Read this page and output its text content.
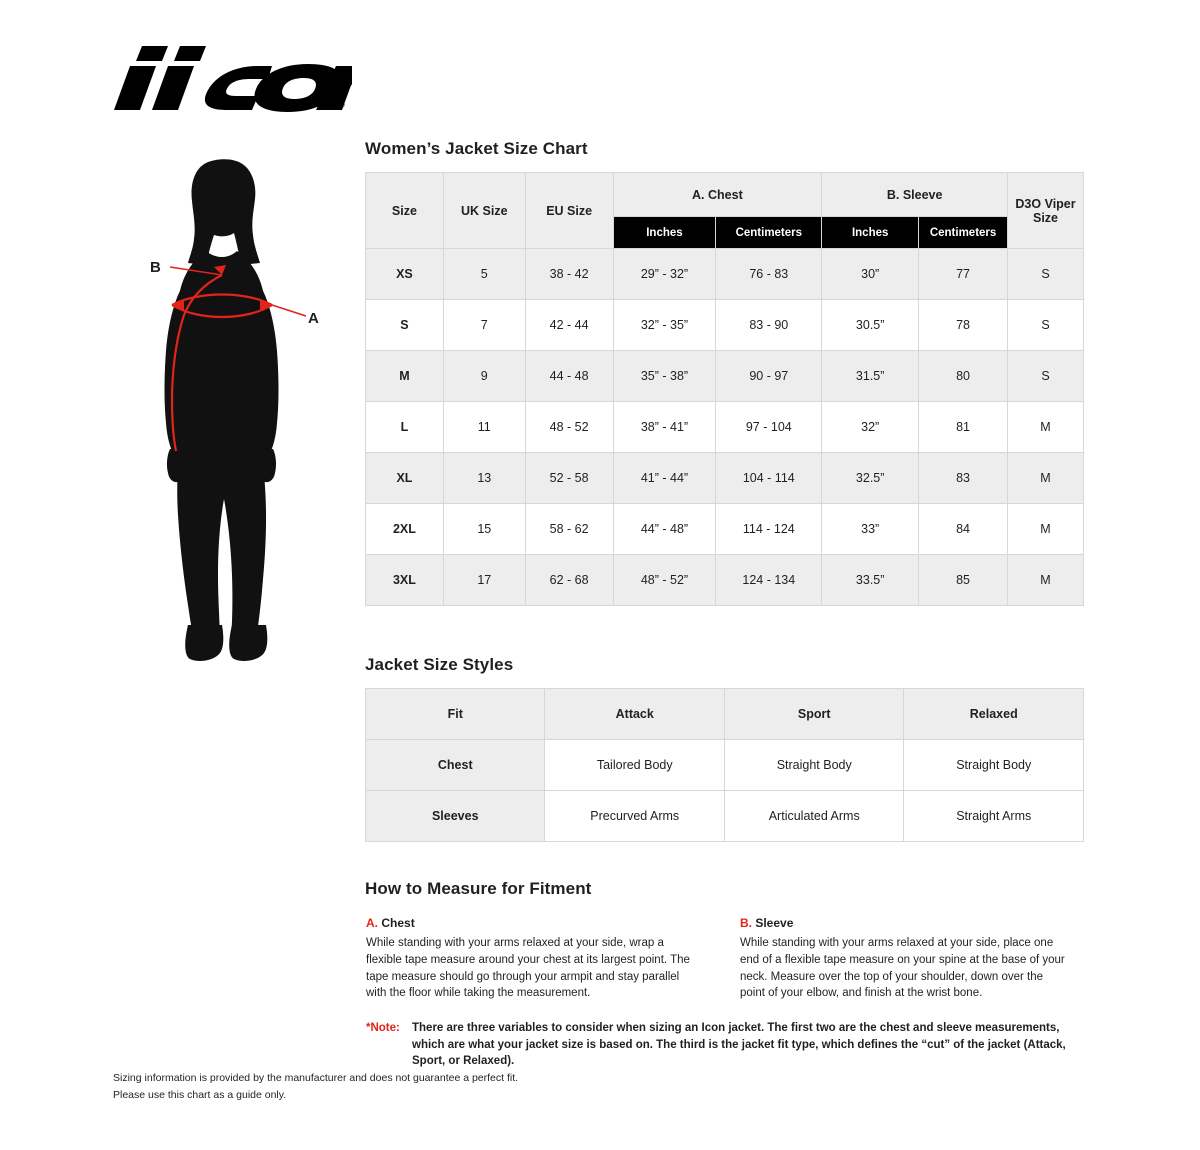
®
A
B
Women’s Jacket Size Chart
Jacket Size Styles
How to Measure for Fitment
Size	UK Size	EU Size	A. Chest		B. Sleeve		D3O Viper Size
			Inches	Centimeters	Inches	Centimeters	
XS	5	38 - 42	29” - 32”	76 - 83	30”	77	S
S	7	42 - 44	32” - 35”	83 - 90	30.5”	78	S
M	9	44 - 48	35” - 38”	90 - 97	31.5”	80	S
L	11	48 - 52	38” - 41”	97 - 104	32”	81	M
XL	13	52 - 58	41” - 44”	104 - 114	32.5”	83	M
2XL	15	58 - 62	44” - 48”	114 - 124	33”	84	M
3XL	17	62 - 68	48” - 52”	124 - 134	33.5”	85	M
Fit	Attack	Sport	Relaxed
Chest	Tailored Body	Straight Body	Straight Body
Sleeves	Precurved Arms	Articulated Arms	Straight Arms
A. Chest
While standing with your arms relaxed at your side, wrap a flexible tape measure around your chest at its largest point. The tape measure should go through your armpit and stay parallel with the floor while taking the measurement.
B. Sleeve
While standing with your arms relaxed at your side, place one end of a flexible tape measure on your spine at the base of your neck. Measure over the top of your shoulder, down over the point of your elbow, and finish at the wrist bone.
*Note: There are three variables to consider when sizing an Icon jacket. The first two are the chest and sleeve measurements, which are what your jacket size is based on. The third is the jacket fit type, which defines the “cut” of the jacket (Attack, Sport, or Relaxed).
Sizing information is provided by the manufacturer and does not guarantee a perfect fit.
Please use this chart as a guide only.
